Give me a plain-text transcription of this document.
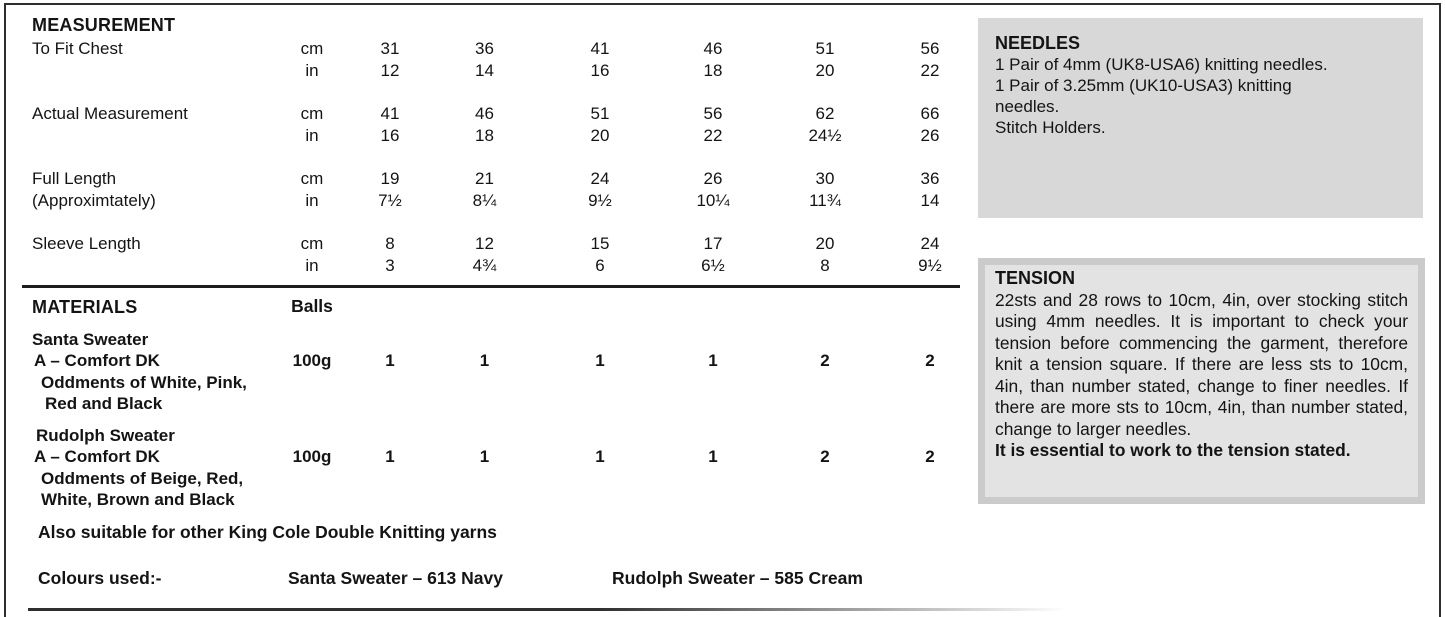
MEASUREMENT
To Fit Chest	cm	31	36	41	46	51	56
in	12	14	16	18	20	22
Actual Measurement	cm	41	46	51	56	62	66
in	16	18	20	22	24½	26
Full Length	cm	19	21	24	26	30	36
(Approximtately)	in	7½	8¼	9½	10¼	11¾	14
Sleeve Length	cm	8	12	15	17	20	24
in	3	4¾	6	6½	8	9½
MATERIALS	Balls
Santa Sweater
A – Comfort DK
Oddments of White, Pink,
Red and Black
100g	1	1	1	1	2	2
Rudolph Sweater
A – Comfort DK
Oddments of Beige, Red,
White, Brown and Black
100g	1	1	1	1	2	2
Also suitable for other King Cole Double Knitting yarns
Colours used:-	Santa Sweater – 613 Navy	Rudolph Sweater – 585 Cream
NEEDLES
1 Pair of 4mm (UK8-USA6) knitting needles.
1 Pair of 3.25mm (UK10-USA3) knitting
needles.
Stitch Holders.
TENSION
22sts and 28 rows to 10cm, 4in, over stocking stitch using 4mm needles. It is important to check your tension before commencing the garment, therefore knit a tension square. If there are less sts to 10cm, 4in, than number stated, change to finer needles. If there are more sts to 10cm, 4in, than number stated, change to larger needles.
It is essential to work to the tension stated.
